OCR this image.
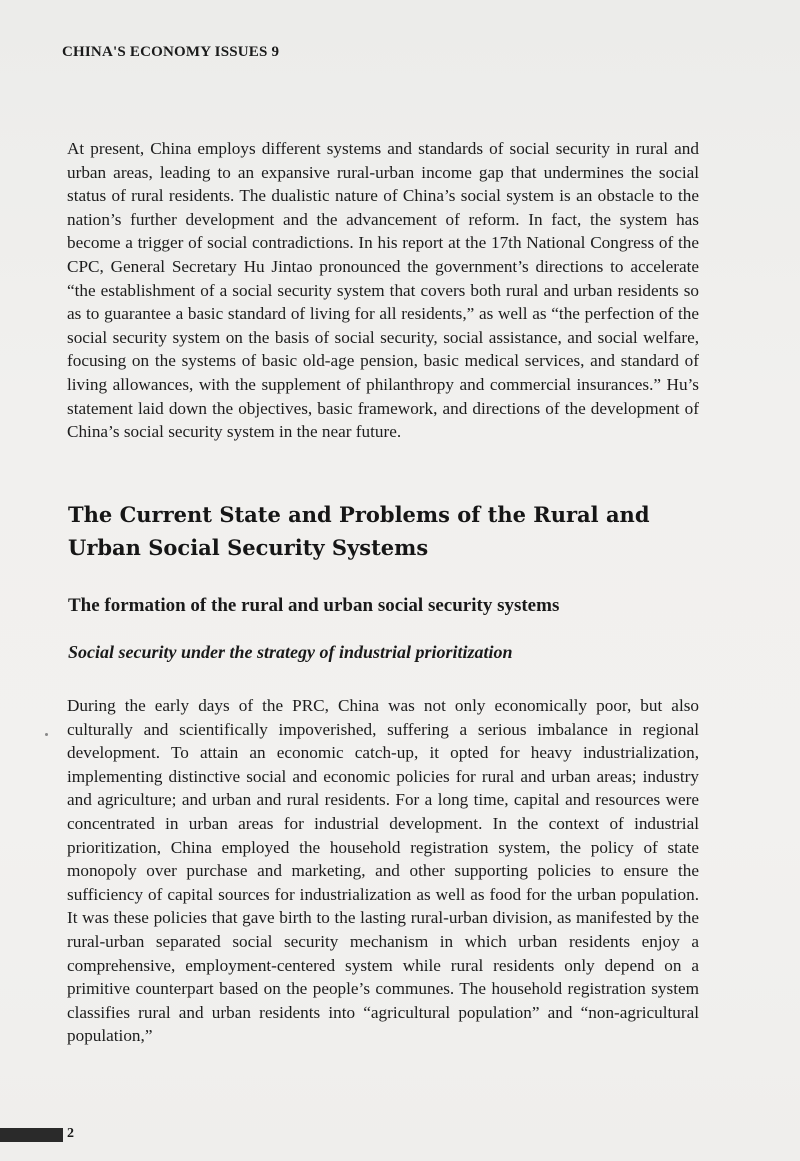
CHINA'S ECONOMY ISSUES 9

At present, China employs different systems and standards of social security in rural and urban areas, leading to an expansive rural-urban income gap that undermines the social status of rural residents. The dualistic nature of China’s social system is an obstacle to the nation’s further development and the advancement of reform. In fact, the system has become a trigger of social contradictions. In his report at the 17th National Congress of the CPC, General Secretary Hu Jintao pronounced the government’s directions to accelerate “the establishment of a social security system that covers both rural and urban residents so as to guarantee a basic standard of living for all residents,” as well as “the perfection of the social security system on the basis of social security, social assistance, and social welfare, focusing on the systems of basic old-age pension, basic medical services, and standard of living allowances, with the supplement of philanthropy and commercial insurances.” Hu’s statement laid down the objectives, basic framework, and directions of the development of China’s social security system in the near future.

The Current State and Problems of the Rural and Urban Social Security Systems
The formation of the rural and urban social security systems
Social security under the strategy of industrial prioritization

During the early days of the PRC, China was not only economically poor, but also culturally and scientifically impoverished, suffering a serious imbalance in regional development. To attain an economic catch-up, it opted for heavy industrialization, implementing distinctive social and economic policies for rural and urban areas; industry and agriculture; and urban and rural residents. For a long time, capital and resources were concentrated in urban areas for industrial development. In the context of industrial prioritization, China employed the household registration system, the policy of state monopoly over purchase and marketing, and other supporting policies to ensure the sufficiency of capital sources for industrialization as well as food for the urban population. It was these policies that gave birth to the lasting rural-urban division, as manifested by the rural-urban separated social security mechanism in which urban residents enjoy a comprehensive, employment-centered system while rural residents only depend on a primitive counterpart based on the people’s communes. The household registration system classifies rural and urban residents into “agricultural population” and “non-agricultural population,”

2
